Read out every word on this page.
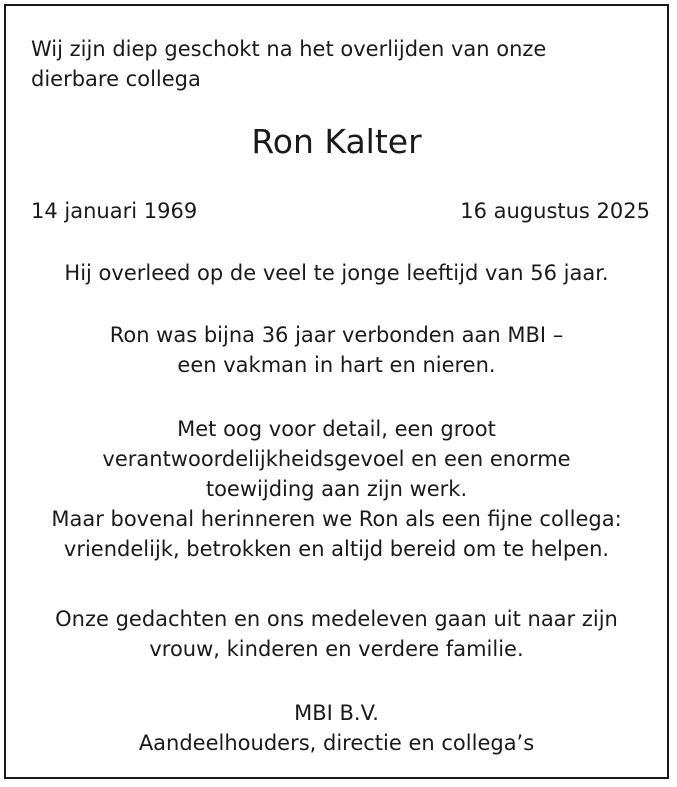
Wij zijn diep geschokt na het overlijden van onze
dierbare collega

Ron Kalter
14 januari 1969	16 augustus 2025

Hij overleed op de veel te jonge leeftijd van 56 jaar.

Ron was bijna 36 jaar verbonden aan MBI –
een vakman in hart en nieren.

Met oog voor detail, een groot
verantwoordelijkheidsgevoel en een enorme
toewijding aan zijn werk.
Maar bovenal herinneren we Ron als een fijne collega:
vriendelijk, betrokken en altijd bereid om te helpen.

Onze gedachten en ons medeleven gaan uit naar zijn
vrouw, kinderen en verdere familie.

MBI B.V.
Aandeelhouders, directie en collega’s
